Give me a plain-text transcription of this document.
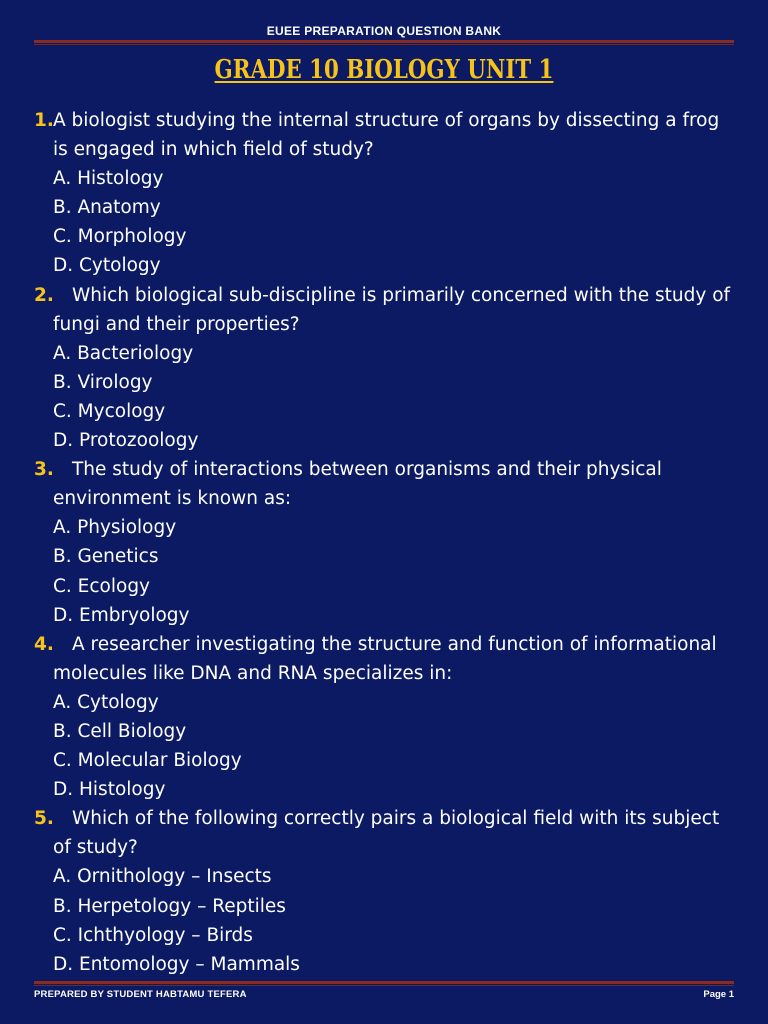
EUEE PREPARATION QUESTION BANK
GRADE 10 BIOLOGY UNIT 1
1. A biologist studying the internal structure of organs by dissecting a frog is engaged in which field of study?
A. Histology
B. Anatomy
C. Morphology
D. Cytology
2. Which biological sub-discipline is primarily concerned with the study of fungi and their properties?
A. Bacteriology
B. Virology
C. Mycology
D. Protozoology
3. The study of interactions between organisms and their physical environment is known as:
A. Physiology
B. Genetics
C. Ecology
D. Embryology
4. A researcher investigating the structure and function of informational molecules like DNA and RNA specializes in:
A. Cytology
B. Cell Biology
C. Molecular Biology
D. Histology
5. Which of the following correctly pairs a biological field with its subject of study?
A. Ornithology – Insects
B. Herpetology – Reptiles
C. Ichthyology – Birds
D. Entomology – Mammals
PREPARED BY STUDENT HABTAMU TEFERA	Page 1
